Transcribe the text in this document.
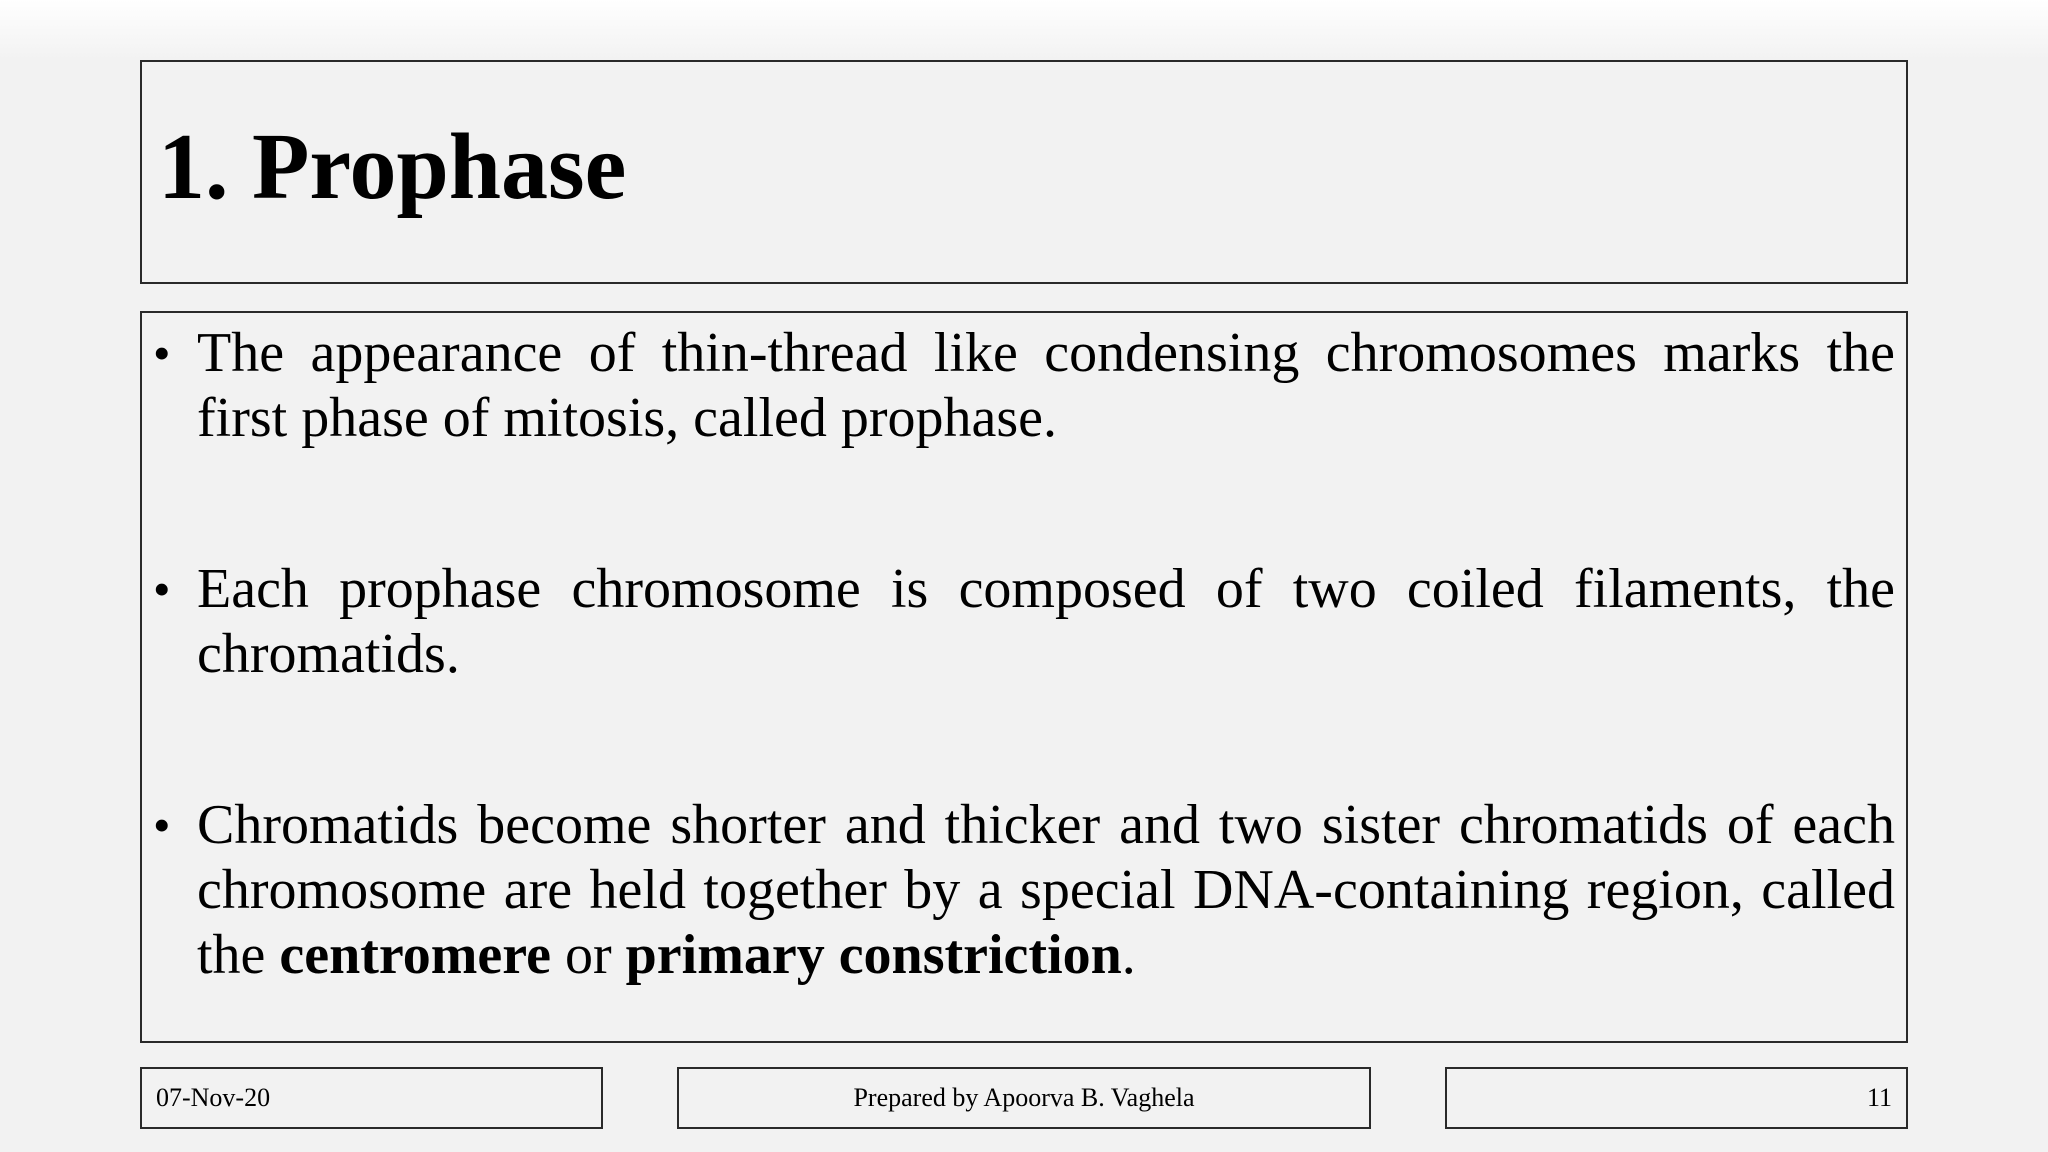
1. Prophase
• The appearance of thin-thread like condensing chromosomes marks the first phase of mitosis, called prophase.
• Each prophase chromosome is composed of two coiled filaments, the chromatids.
• Chromatids become shorter and thicker and two sister chromatids of each chromosome are held together by a special DNA-containing region, called the centromere or primary constriction.
07-Nov-20	Prepared by Apoorva B. Vaghela	11
